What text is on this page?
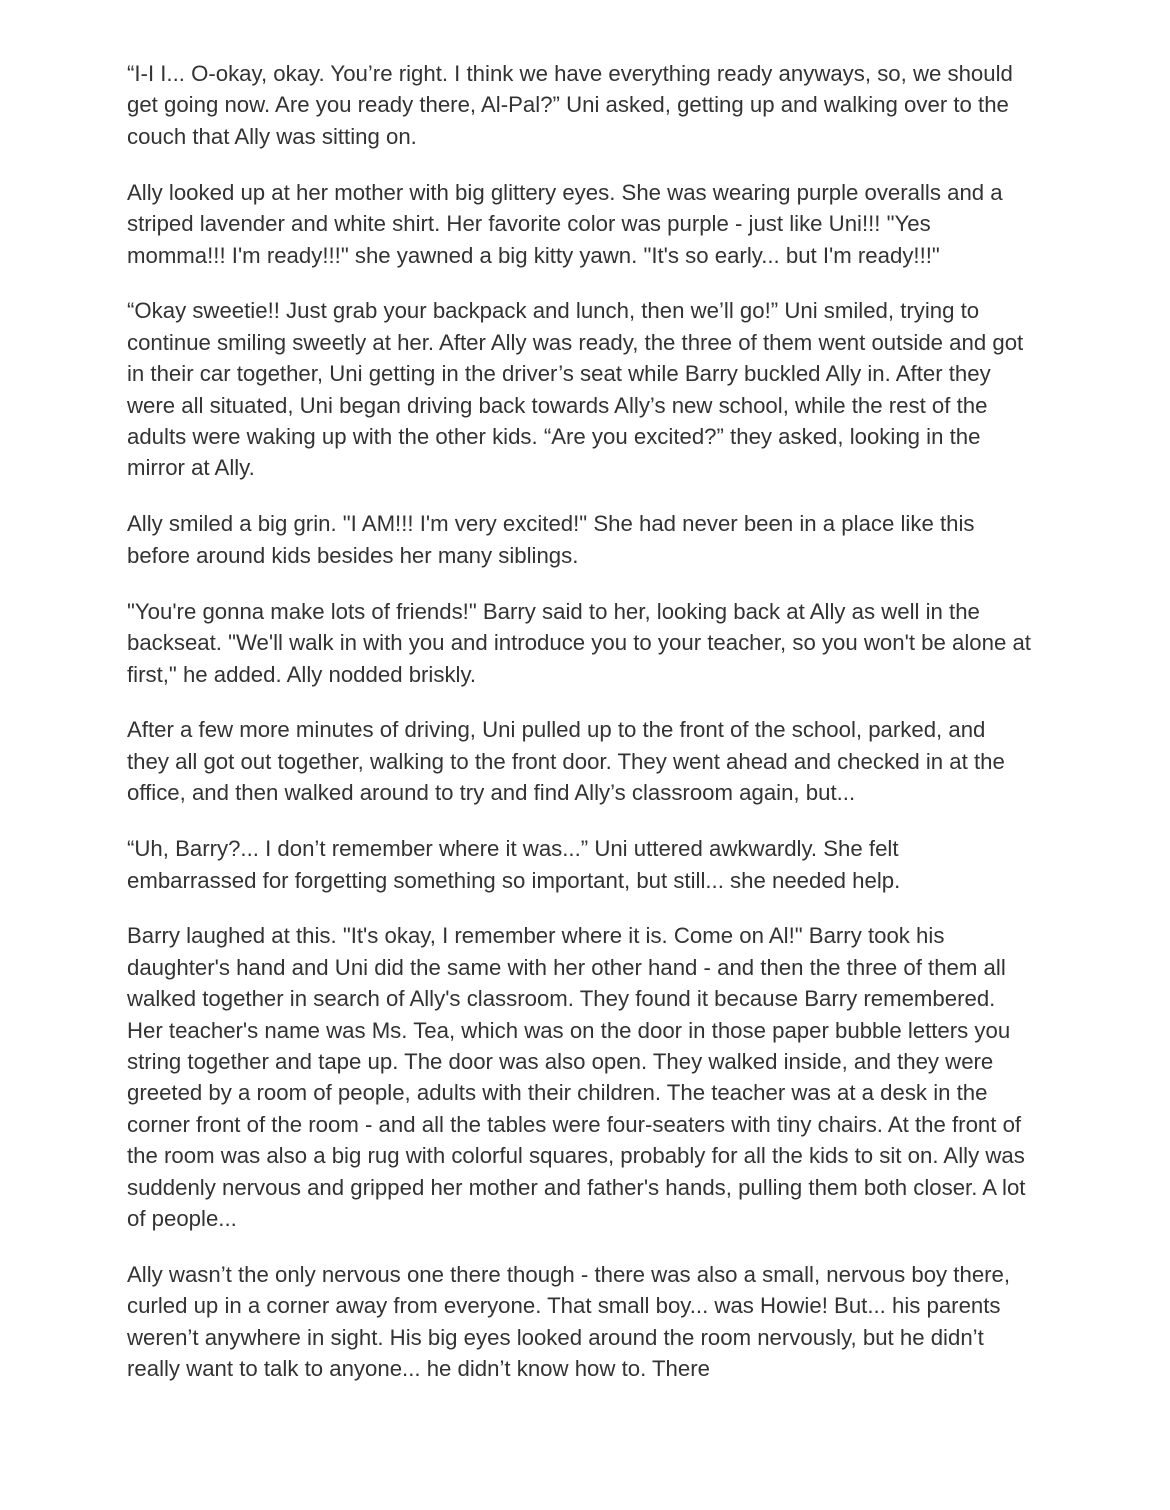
“I-I I... O-okay, okay. You’re right. I think we have everything ready anyways, so, we should get going now. Are you ready there, Al-Pal?” Uni asked, getting up and walking over to the couch that Ally was sitting on.

Ally looked up at her mother with big glittery eyes. She was wearing purple overalls and a striped lavender and white shirt. Her favorite color was purple - just like Uni!!! "Yes momma!!! I'm ready!!!" she yawned a big kitty yawn. "It's so early... but I'm ready!!!"

“Okay sweetie!! Just grab your backpack and lunch, then we’ll go!” Uni smiled, trying to continue smiling sweetly at her. After Ally was ready, the three of them went outside and got in their car together, Uni getting in the driver’s seat while Barry buckled Ally in. After they were all situated, Uni began driving back towards Ally’s new school, while the rest of the adults were waking up with the other kids. “Are you excited?” they asked, looking in the mirror at Ally.

Ally smiled a big grin. "I AM!!! I'm very excited!" She had never been in a place like this before around kids besides her many siblings.

"You're gonna make lots of friends!" Barry said to her, looking back at Ally as well in the backseat. "We'll walk in with you and introduce you to your teacher, so you won't be alone at first," he added. Ally nodded briskly.

After a few more minutes of driving, Uni pulled up to the front of the school, parked, and they all got out together, walking to the front door. They went ahead and checked in at the office, and then walked around to try and find Ally’s classroom again, but...

“Uh, Barry?... I don’t remember where it was...” Uni uttered awkwardly. She felt embarrassed for forgetting something so important, but still... she needed help.

Barry laughed at this. "It's okay, I remember where it is. Come on Al!" Barry took his daughter's hand and Uni did the same with her other hand - and then the three of them all walked together in search of Ally's classroom. They found it because Barry remembered. Her teacher's name was Ms. Tea, which was on the door in those paper bubble letters you string together and tape up. The door was also open. They walked inside, and they were greeted by a room of people, adults with their children. The teacher was at a desk in the corner front of the room - and all the tables were four-seaters with tiny chairs. At the front of the room was also a big rug with colorful squares, probably for all the kids to sit on. Ally was suddenly nervous and gripped her mother and father's hands, pulling them both closer. A lot of people...

Ally wasn’t the only nervous one there though - there was also a small, nervous boy there, curled up in a corner away from everyone. That small boy... was Howie! But... his parents weren’t anywhere in sight. His big eyes looked around the room nervously, but he didn’t really want to talk to anyone... he didn’t know how to. There
